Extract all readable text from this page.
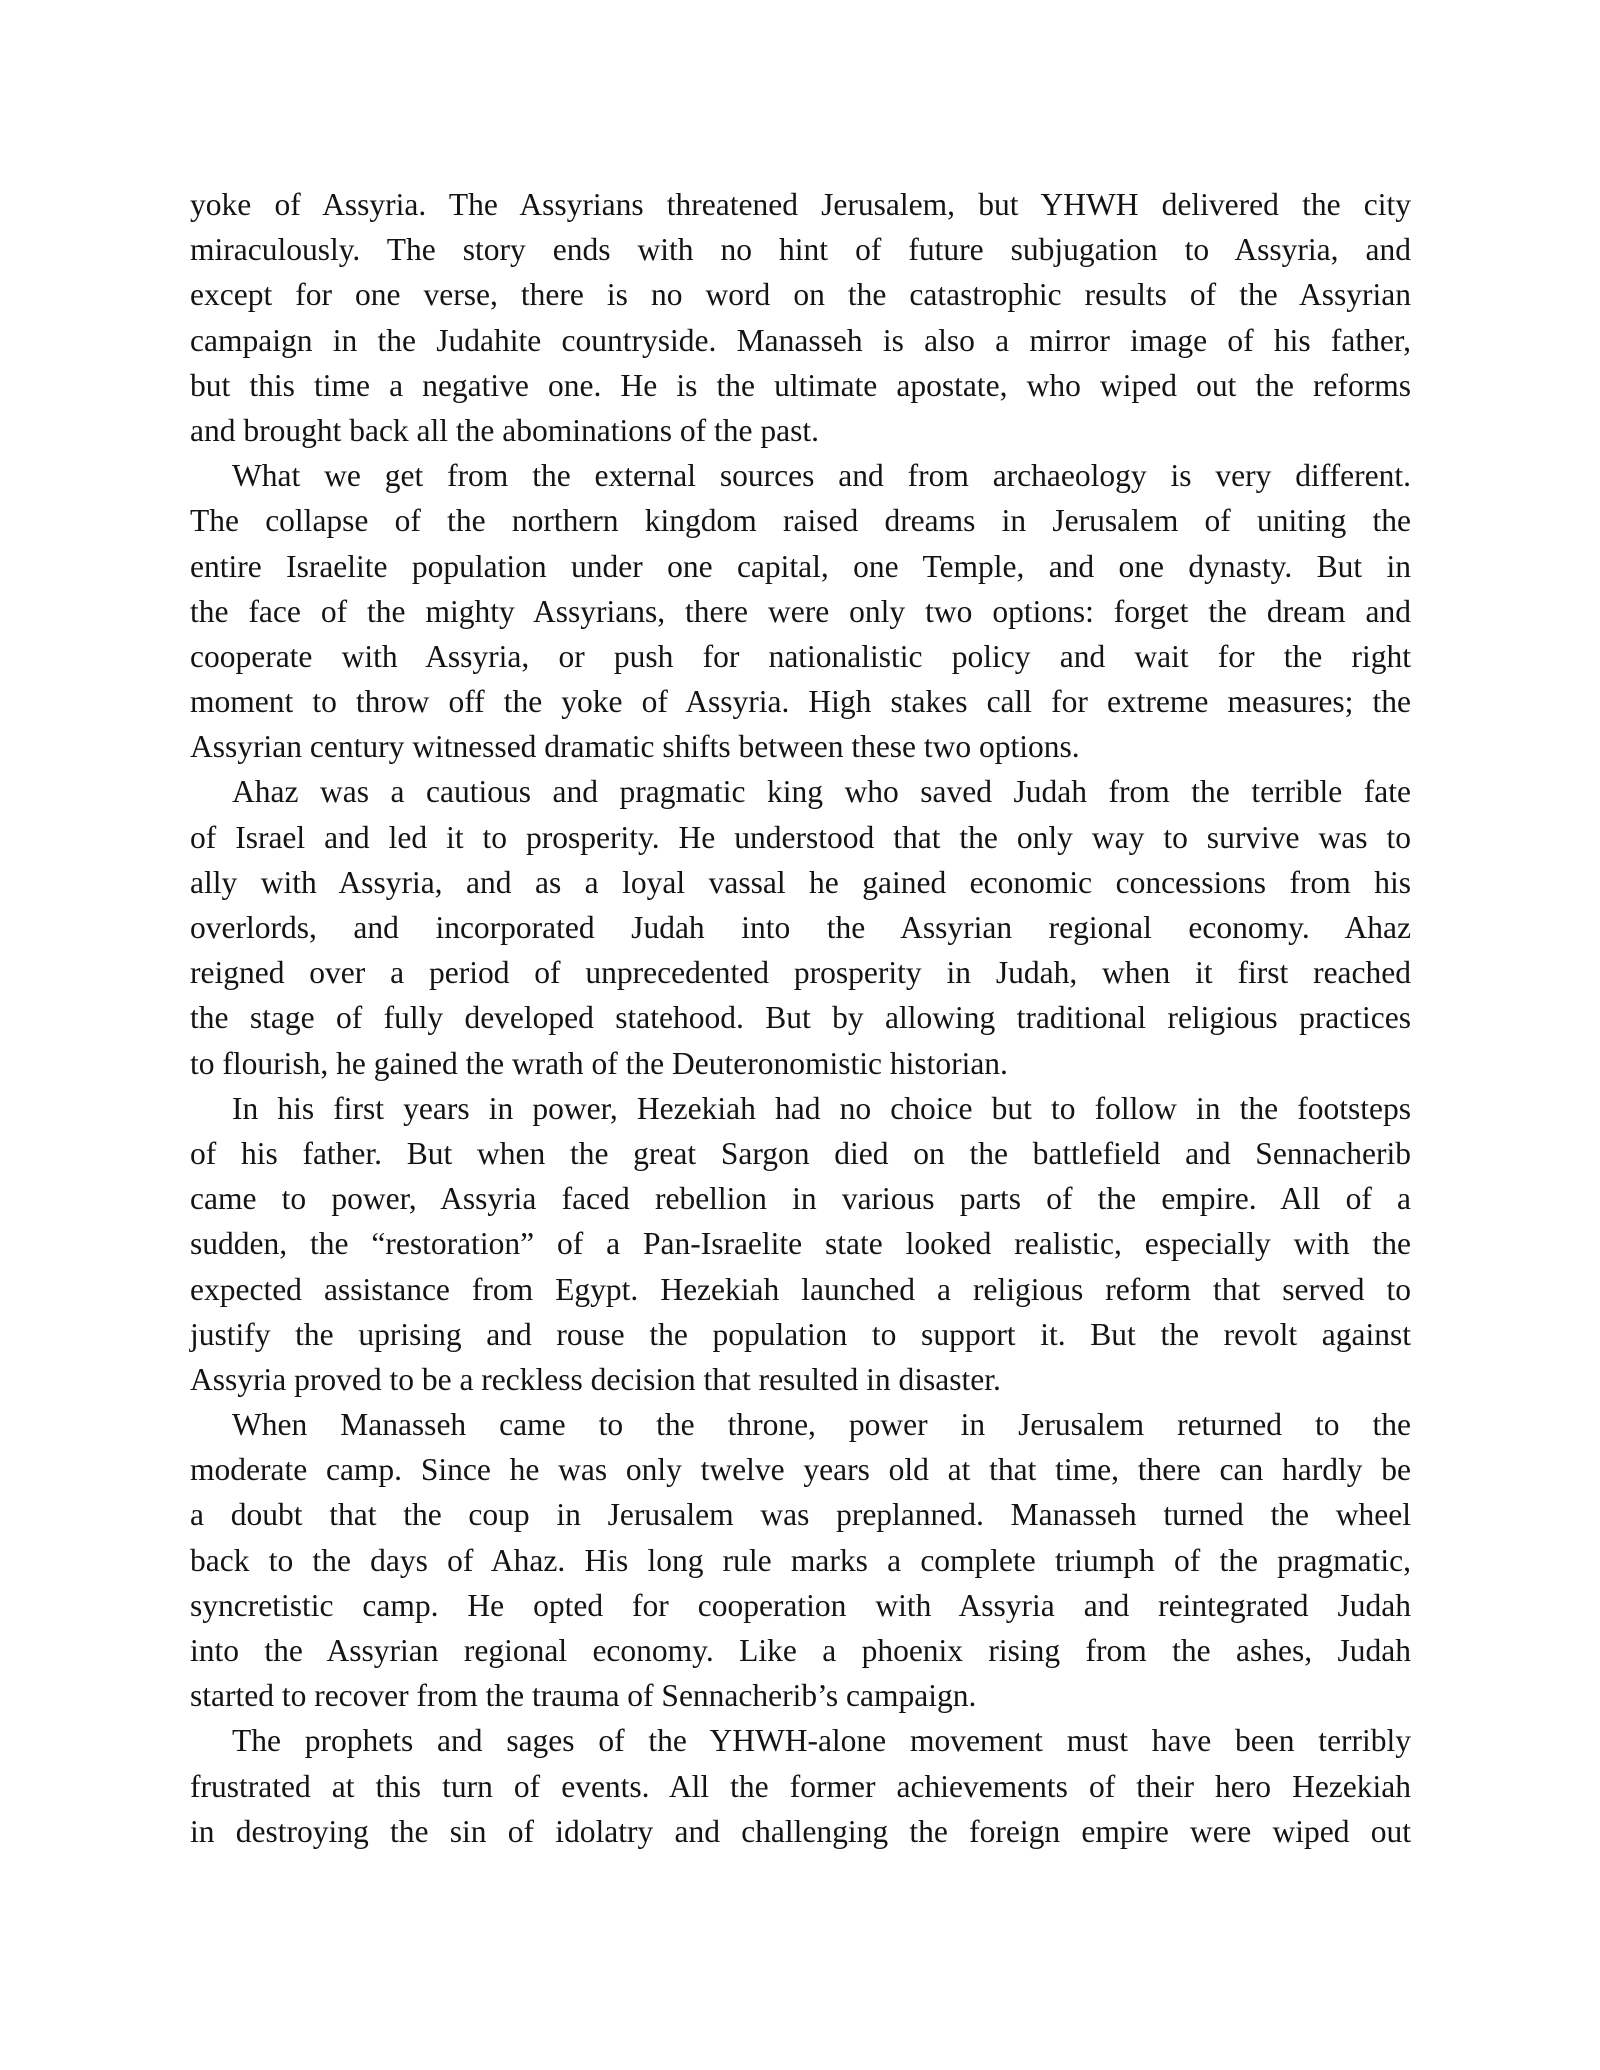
yoke of Assyria. The Assyrians threatened Jerusalem, but YHWH delivered the city
miraculously. The story ends with no hint of future subjugation to Assyria, and
except for one verse, there is no word on the catastrophic results of the Assyrian
campaign in the Judahite countryside. Manasseh is also a mirror image of his father,
but this time a negative one. He is the ultimate apostate, who wiped out the reforms
and brought back all the abominations of the past.
What we get from the external sources and from archaeology is very different.
The collapse of the northern kingdom raised dreams in Jerusalem of uniting the
entire Israelite population under one capital, one Temple, and one dynasty. But in
the face of the mighty Assyrians, there were only two options: forget the dream and
cooperate with Assyria, or push for nationalistic policy and wait for the right
moment to throw off the yoke of Assyria. High stakes call for extreme measures; the
Assyrian century witnessed dramatic shifts between these two options.
Ahaz was a cautious and pragmatic king who saved Judah from the terrible fate
of Israel and led it to prosperity. He understood that the only way to survive was to
ally with Assyria, and as a loyal vassal he gained economic concessions from his
overlords, and incorporated Judah into the Assyrian regional economy. Ahaz
reigned over a period of unprecedented prosperity in Judah, when it first reached
the stage of fully developed statehood. But by allowing traditional religious practices
to flourish, he gained the wrath of the Deuteronomistic historian.
In his first years in power, Hezekiah had no choice but to follow in the footsteps
of his father. But when the great Sargon died on the battlefield and Sennacherib
came to power, Assyria faced rebellion in various parts of the empire. All of a
sudden, the “restoration” of a Pan-Israelite state looked realistic, especially with the
expected assistance from Egypt. Hezekiah launched a religious reform that served to
justify the uprising and rouse the population to support it. But the revolt against
Assyria proved to be a reckless decision that resulted in disaster.
When Manasseh came to the throne, power in Jerusalem returned to the
moderate camp. Since he was only twelve years old at that time, there can hardly be
a doubt that the coup in Jerusalem was preplanned. Manasseh turned the wheel
back to the days of Ahaz. His long rule marks a complete triumph of the pragmatic,
syncretistic camp. He opted for cooperation with Assyria and reintegrated Judah
into the Assyrian regional economy. Like a phoenix rising from the ashes, Judah
started to recover from the trauma of Sennacherib’s campaign.
The prophets and sages of the YHWH-alone movement must have been terribly
frustrated at this turn of events. All the former achievements of their hero Hezekiah
in destroying the sin of idolatry and challenging the foreign empire were wiped out
